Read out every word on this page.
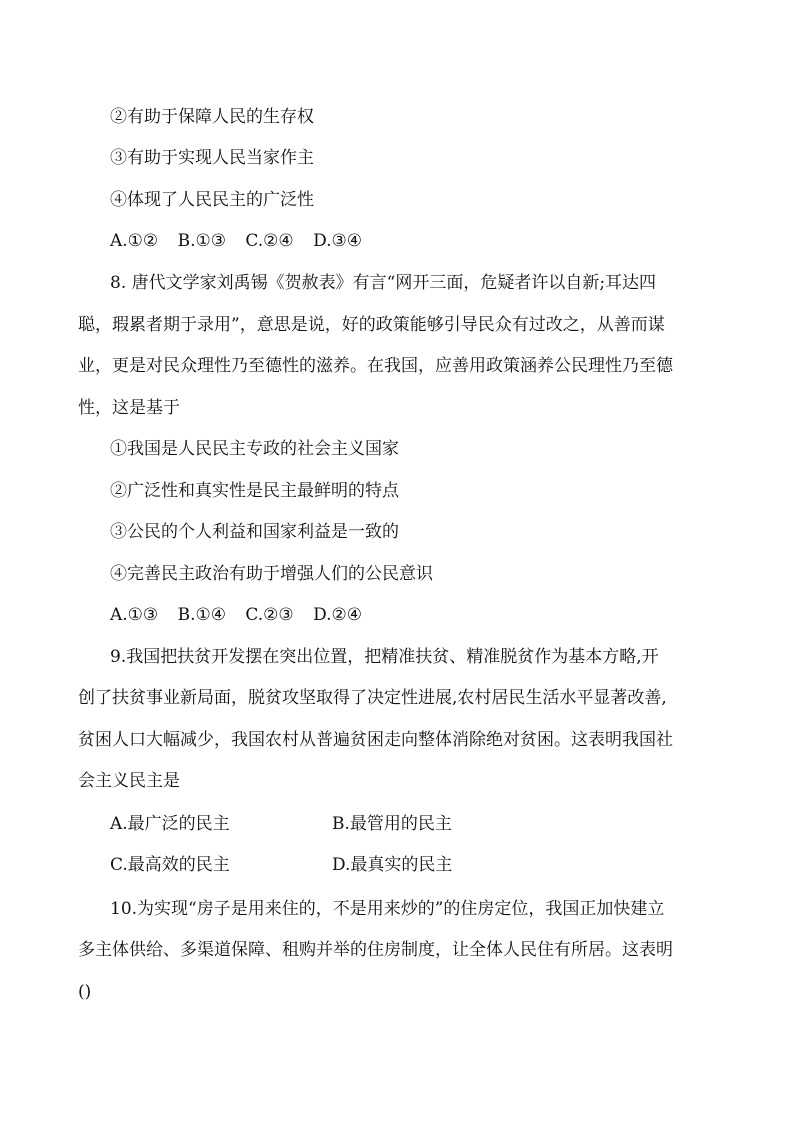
②有助于保障人民的生存权
③有助于实现人民当家作主
④体现了人民民主的广泛性
A.①② B.①③ C.②④ D.③④
8. 唐代文学家刘禹锡《贺赦表》有言“网开三面，危疑者许以自新;耳达四
聪，瑕累者期于录用”，意思是说，好的政策能够引导民众有过改之，从善而谋
业，更是对民众理性乃至德性的滋养。在我国，应善用政策涵养公民理性乃至德
性，这是基于
①我国是人民民主专政的社会主义国家
②广泛性和真实性是民主最鲜明的特点
③公民的个人利益和国家利益是一致的
④完善民主政治有助于增强人们的公民意识
A.①③ B.①④ C.②③ D.②④
9.我国把扶贫开发摆在突出位置，把精准扶贫、精准脱贫作为基本方略,开
创了扶贫事业新局面，脱贫攻坚取得了决定性进展,农村居民生活水平显著改善,
贫困人口大幅减少，我国农村从普遍贫困走向整体消除绝对贫困。这表明我国社
会主义民主是
A.最广泛的民主	B.最管用的民主
C.最高效的民主	D.最真实的民主
10.为实现“房子是用来住的，不是用来炒的”的住房定位，我国正加快建立
多主体供给、多渠道保障、租购并举的住房制度，让全体人民住有所居。这表明
()
